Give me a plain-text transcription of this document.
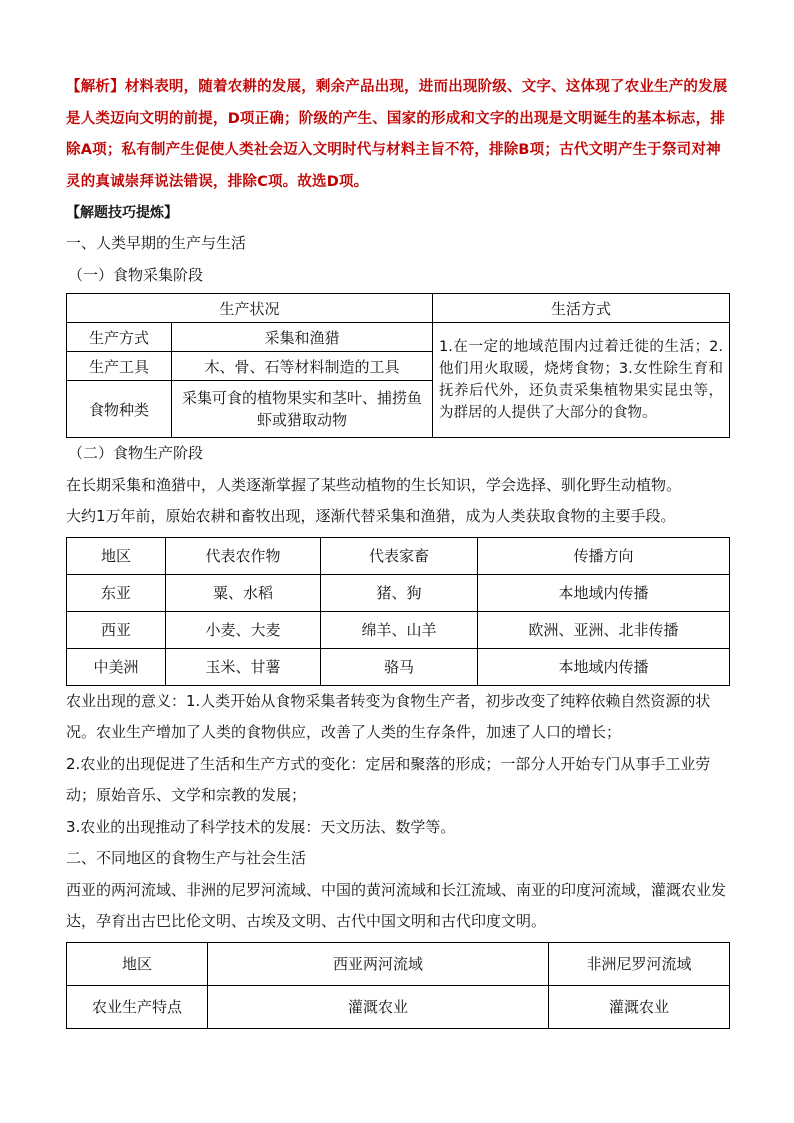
【解析】材料表明，随着农耕的发展，剩余产品出现，进而出现阶级、文字、这体现了农业生产的发展是人类迈向文明的前提，D项正确；阶级的产生、国家的形成和文字的出现是文明诞生的基本标志，排除A项；私有制产生促使人类社会迈入文明时代与材料主旨不符，排除B项；古代文明产生于祭司对神灵的真诚崇拜说法错误，排除C项。故选D项。

【解题技巧提炼】

一、人类早期的生产与生活

（一）食物采集阶段

生产状况		生活方式
生产方式	采集和渔猎	1.在一定的地域范围内过着迁徙的生活；2.他们用火取暖，烧烤食物；3.女性除生育和抚养后代外，还负责采集植物果实昆虫等，为群居的人提供了大部分的食物。
生产工具	木、骨、石等材料制造的工具	
食物种类	采集可食的植物果实和茎叶、捕捞鱼虾或猎取动物	

（二）食物生产阶段

在长期采集和渔猎中，人类逐渐掌握了某些动植物的生长知识，学会选择、驯化野生动植物。

大约1万年前，原始农耕和畜牧出现，逐渐代替采集和渔猎，成为人类获取食物的主要手段。

地区	代表农作物	代表家畜	传播方向
东亚	粟、水稻	猪、狗	本地域内传播
西亚	小麦、大麦	绵羊、山羊	欧洲、亚洲、北非传播
中美洲	玉米、甘薯	骆马	本地域内传播

农业出现的意义：1.人类开始从食物采集者转变为食物生产者，初步改变了纯粹依赖自然资源的状况。农业生产增加了人类的食物供应，改善了人类的生存条件，加速了人口的增长；

2.农业的出现促进了生活和生产方式的变化：定居和聚落的形成；一部分人开始专门从事手工业劳动；原始音乐、文学和宗教的发展；

3.农业的出现推动了科学技术的发展：天文历法、数学等。

二、不同地区的食物生产与社会生活

西亚的两河流域、非洲的尼罗河流域、中国的黄河流域和长江流域、南亚的印度河流域，灌溉农业发达，孕育出古巴比伦文明、古埃及文明、古代中国文明和古代印度文明。

地区	西亚两河流域	非洲尼罗河流域
农业生产特点	灌溉农业	灌溉农业
